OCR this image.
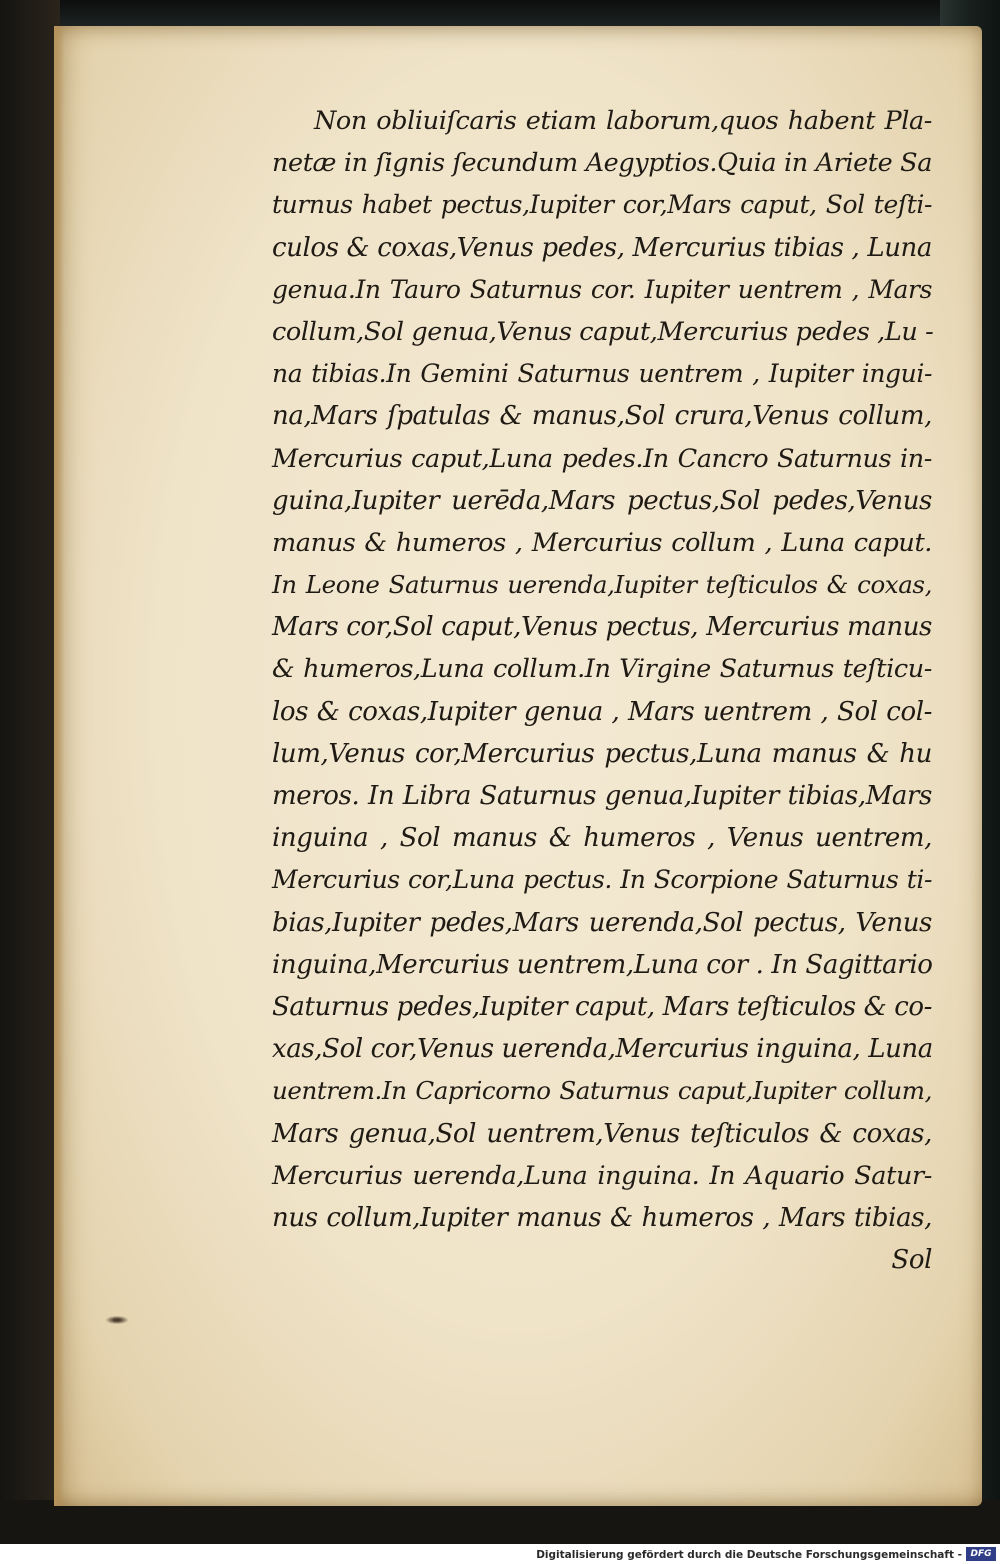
Non obliuiſcaris etiam laborum,quos habent Pla-
netæ in ſignis ſecundum Aegyptios.Quia in Ariete Sa
turnus habet pectus,Iupiter cor,Mars caput, Sol teſti-
culos & coxas,Venus pedes, Mercurius tibias , Luna
genua.In Tauro Saturnus cor. Iupiter uentrem , Mars
collum,Sol genua,Venus caput,Mercurius pedes ,Lu -
na tibias.In Gemini Saturnus uentrem , Iupiter ingui-
na,Mars ſpatulas & manus,Sol crura,Venus collum,
Mercurius caput,Luna pedes.In Cancro Saturnus in-
guina,Iupiter uerēda,Mars pectus,Sol pedes,Venus
manus & humeros , Mercurius collum , Luna caput.
In Leone Saturnus uerenda,Iupiter teſticulos & coxas,
Mars cor,Sol caput,Venus pectus, Mercurius manus
& humeros,Luna collum.In Virgine Saturnus teſticu-
los & coxas,Iupiter genua , Mars uentrem , Sol col-
lum,Venus cor,Mercurius pectus,Luna manus & hu
meros. In Libra Saturnus genua,Iupiter tibias,Mars
inguina , Sol manus & humeros , Venus uentrem,
Mercurius cor,Luna pectus. In Scorpione Saturnus ti-
bias,Iupiter pedes,Mars uerenda,Sol pectus, Venus
inguina,Mercurius uentrem,Luna cor . In Sagittario
Saturnus pedes,Iupiter caput, Mars teſticulos & co-
xas,Sol cor,Venus uerenda,Mercurius inguina, Luna
uentrem.In Capricorno Saturnus caput,Iupiter collum,
Mars genua,Sol uentrem,Venus teſticulos & coxas,
Mercurius uerenda,Luna inguina. In Aquario Satur-
nus collum,Iupiter manus & humeros , Mars tibias,
Sol
Digitalisierung gefördert durch die Deutsche Forschungsgemeinschaft - DFG
